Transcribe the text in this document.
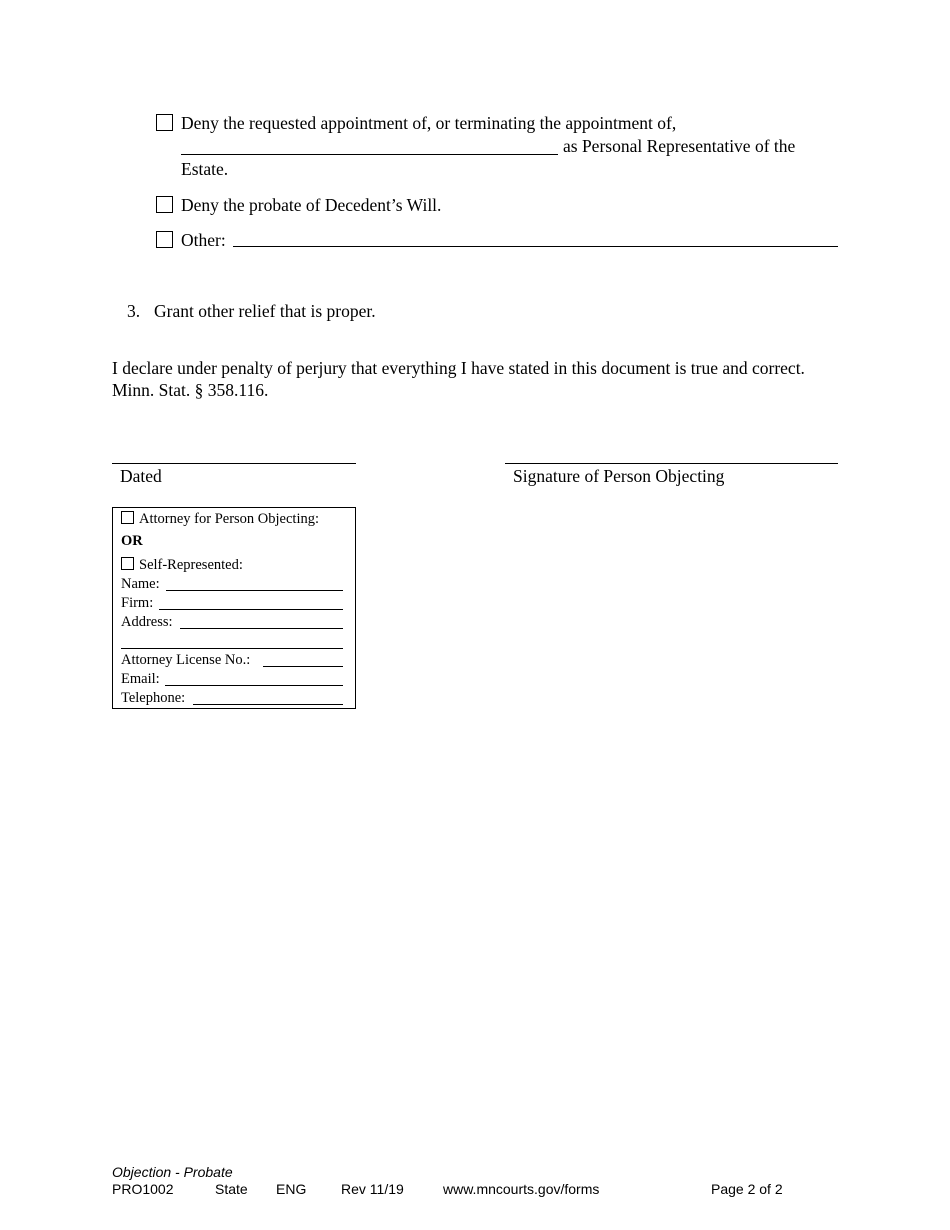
Deny the requested appointment of, or terminating the appointment of,
as Personal Representative of the
Estate.
Deny the probate of Decedent’s Will.
Other:
3. Grant other relief that is proper.
I declare under penalty of perjury that everything I have stated in this document is true and correct.
Minn. Stat. § 358.116.
Dated	Signature of Person Objecting
Attorney for Person Objecting:
OR
Self-Represented:
Name:
Firm:
Address:
Attorney License No.:
Email:
Telephone:
Objection - Probate
PRO1002	State ENG Rev 11/19	www.mncourts.gov/forms	Page 2 of 2
